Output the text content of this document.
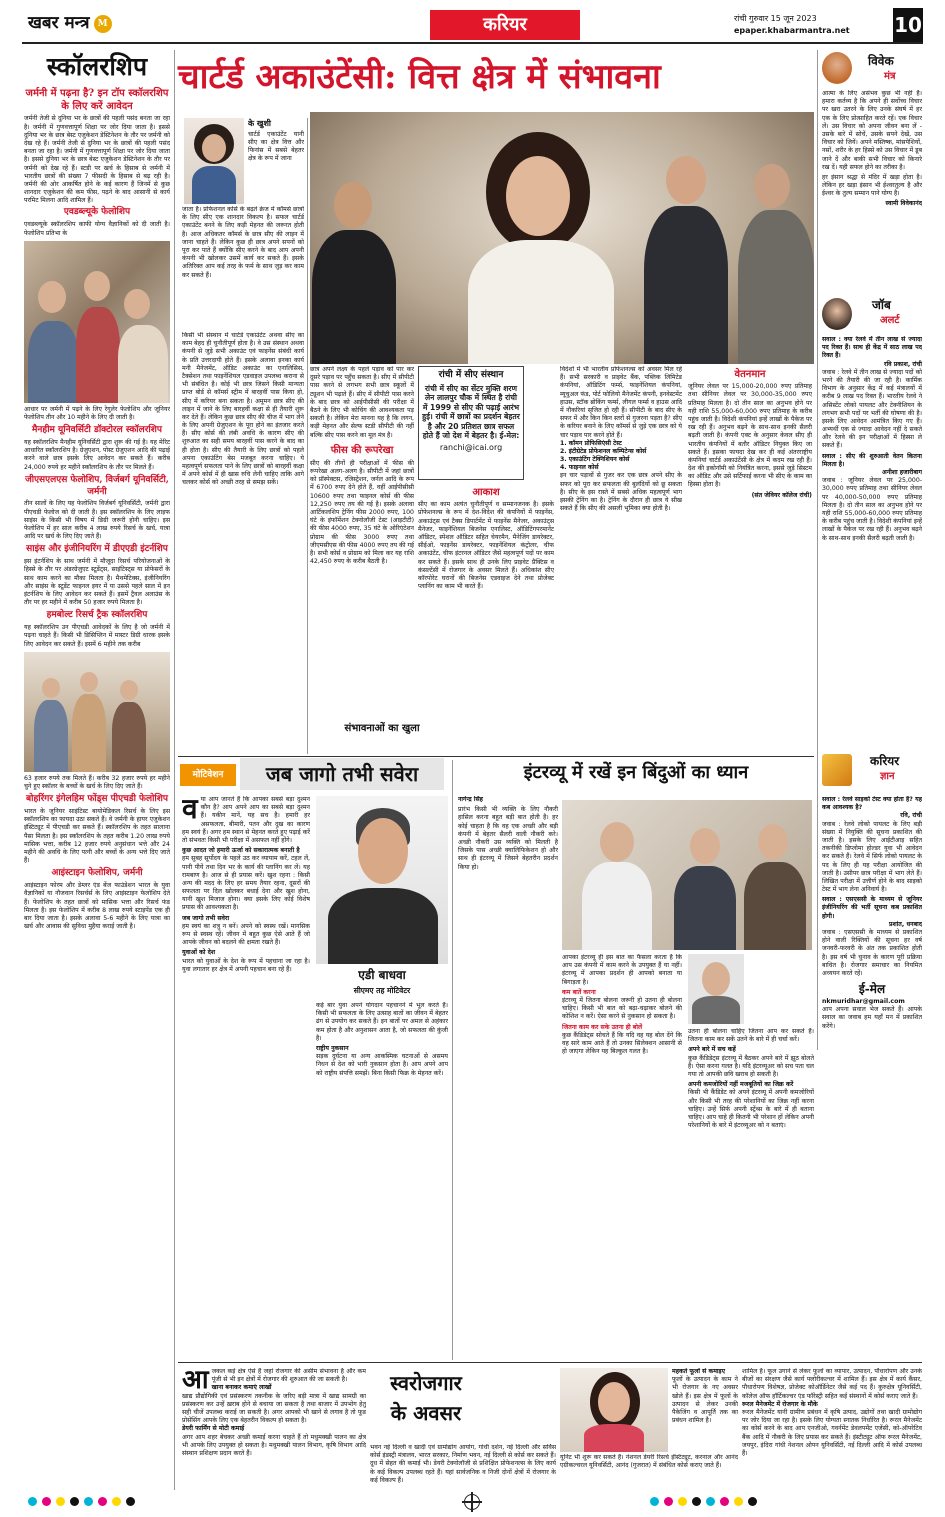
खबर मन्त्र M	करियर	रांची गुरुवार 15 जून 2023
epaper.khabarmantra.net 10
स्कॉलरशिप
जर्मनी में पढ़ना है? इन टॉप स्कॉलरशिप के लिए करें आवेदन
जर्मनी तेजी से दुनिया भर के छात्रों की पहली पसंद बनता जा रहा है। जर्मनी में गुणवत्तापूर्ण शिक्षा पर जोर दिया जाता है। इससे दुनिया भर के छात्र बेस्ट एजुकेशन डेस्टिनेशन के तौर पर जर्मनी को देख रहे हैं। जर्मनी तेजी से दुनिया भर के छात्रों की पहली पसंद बनता जा रहा है। जर्मनी में गुणवत्तापूर्ण शिक्षा पर जोर दिया जाता है। इससे दुनिया भर के छात्र बेस्ट एजुकेशन डेस्टिनेशन के तौर पर जर्मनी को देख रहे हैं। स्टडी पर खर्च के हिसाब से जर्मनी में भारतीय छात्रों की संख्या 7 फीसदी के हिसाब से बढ़ रही है। जर्मनी की ओर आकर्षित होने के कई कारण हैं जिनमें से कुछ शानदार एजुकेशन की कम फीस, पढ़ने के बाद आसानी से कार्य परमिट मिलना आदि शामिल हैं।
एवडब्ल्यूके फेलोशिप
एवडब्ल्यूके स्कॉलरशिप काफी योग्य वैज्ञानिकों को दी जाती है। फेलोशिप प्रतिभा के
आधार पर जर्मनी में पढ़ने के लिए रेगुलेर फेलोशिप और जूनियर फेलोशिप तीन और 10 महीने के लिए दी जाती है।
मैनहीम यूनिवर्सिटी डॉक्टोरल स्कॉलरशिप
यह स्कॉलरशिप मैनहीम यूनिवर्सिटी द्वारा शुरू की गई है। यह मेरिट आधारित स्कॉलरशिप है। ग्रेजुएशन, पोस्ट ग्रेजुएशन आदि की पढ़ाई करने वाले छात्र इसके लिए आवेदन कर सकते हैं। करीब 24,000 रुपये हर महीने स्कॉलरशिप के तौर पर मिलते हैं।
जीएसएलएस फेलोशिप, विर्जबर्ग यूनिवर्सिटी, जर्मनी
तीन सालों के लिए यह फेलोशिप विर्जबर्ग यूनिवर्सिटी, जर्मनी द्वारा पीएचडी फेलोज को दी जाती है। इस स्कॉलरशिप के लिए लाइफ साइंस के किसी भी विषय में डिग्री जरूरी होनी चाहिए। इस फेलोशिप में हर साल करीब 4 लाख रुपये रिसर्च के खर्च, यात्रा आदि पर खर्च के लिए दिए जाते हैं।
साइंस और इंजीनियरिंग में डीएएडी इंटर्नशिप
इस इंटर्नशिप के साथ जर्मनी में मौजूदा रिसर्च परियोजनाओं के हिस्से के तौर पर अंडरग्रेजुएट स्टूडेंट्स, साइंटिस्ट्स या प्रोफेसरों के साथ काम करने का मौका मिलता है। मैथमेटिक्स, इंजीनियरिंग और साइंस के स्टूडेंट फाइनल इयर में या उससे पहले साल में इन इंटर्नशिप के लिए आवेदन कर सकते हैं। इसमें ट्रैवल अलाउंस के तौर पर हर महीने में करीब 50 हजार रुपये मिलता है।
हमबोल्ट रिसर्च ट्रैक स्कॉलरशिप
यह स्कॉलरशिप उन पीएचडी आवेदकों के लिए है जो जर्मनी में पढ़ना चाहते हैं। किसी भी डिसिप्लिन में मास्टर डिग्री धारक इसके लिए आवेदन कर सकते हैं। इसमें 6 महीने तक करीब
63 हजार रुपये तक मिलते हैं। करीब 32 हजार रुपये हर महीने चुने हुए स्कॉलर के बच्चों के खर्च के लिए दिए जाते हैं।
बोहरिंगर इंगेलहिम फोंड्स पीएचडी फेलोशिप
भारत के जूनियर साइंटिस्ट बायोमेडिकल रिसर्च के लिए इस स्कॉलरशिप का फायदा उठा सकते हैं। वे जर्मनी के हायर एजुकेशन इंस्टिट्यूट में पीएचडी कर सकते हैं। स्कॉलरशिप के तहत सालाना पैसा मिलता है। इस स्कॉलरशिप के तहत करीब 1.20 लाख रुपये मासिक भत्ता, करीब 12 हजार रुपये अनुसंधान भत्ते और 24 महीने की अवधि के लिए पत्नी और बच्चों के अन्य भत्ते दिए जाते हैं।
आइंस्टाइन फेलोशिप, जर्मनी
आइंस्टाइन फोरम और डेम्लर एंड बेंज फाउंडेशन भारत के युवा वैज्ञानिकों या नौजवान रिसर्चर्स के लिए आइंस्टाइन फेलोशिप देते हैं। फेलोशिप के तहत छात्रों को मासिक भत्ता और रिसर्च फंड मिलता है। इस फेलोशिप में करीब 8 लाख रुपये स्टाइपेंड एक ही बार दिया जाता है। इसके अलावा 5-6 महीने के लिए यात्रा का खर्च और आवास की सुविधा मुहैया कराई जाती है।
चार्टर्ड अकाउंटेंसी: वित्त क्षेत्र में संभावना
के खुशी
चार्टर्ड एकाउंटेंट यानी सीए का क्षेत्र वित्त और फिनांस में सबसे बेहतर क्षेत्र के रूप में जाना
जाता है। प्रोफेशनल कोर्स के बढ़ते क्रेज में कॉमर्स छात्रों के लिए सीए एक शानदार विकल्प है। सफल चार्टर्ड एकाउंटेंट बनने के लिए कड़ी मेहनत की जरूरत होती है। आज अधिकतर कॉमर्स के छात्र सीए की लाइन में जाना चाहते हैं। लेकिन कुछ ही छात्र अपने सपनों को पूरा कर पाते हैं क्योंकि सीए करने के बाद आप अपनी कंपनी भी खोलकर उसमें कार्य कर सकते हैं। इसके अतिरिक्त आप कई तरह के फर्म के साथ जुड़ कर काम कर सकते हैं।
किसी भी संस्थान में चार्टर्ड एकाउंटेंट अथवा सीए का काम बेहद ही चुनौतीपूर्ण होता है। वे उस संस्थान अथवा कंपनी से जुड़े सभी अकाउंट एवं फाइनेंस संबंधी कार्य के प्रति उत्तरदायी होते हैं। इसके अलावा इनका कार्य मनी मैनेजमेंट, ऑडिट अकाउंट का एनालिसिस, टैक्सेशन तथा फाइनेंशियल एडवाइज उपलब्ध कराना से भी संबंधित है। कोई भी छात्र जिसने किसी मान्यता प्राप्त बोर्ड से कॉमर्स स्ट्रीम में बारहवीं पास किया हो, सीए में करियर बना सकता है। अमूमन छात्र सीए की लाइन में जाने के लिए बारहवीं कक्षा से ही तैयारी शुरू कर देते हैं। लेकिन कुछ छात्र सीए की चीज में भाग लेने के लिए अपनी ग्रेजुएशन के पूरा होने का इंतजार करते हैं। सीए कोर्स की लंबी अवधि के कारण सीए की शुरुआत का सही समय बारहवीं पास करने के बाद का ही होता है। सीए की तैयारी के लिए छात्रों को पहले अपना एकाउंटिंग बेस मजबूत करना चाहिए। ये महत्वपूर्ण सफलता पाने के लिए छात्रों को बारहवीं कक्षा में अपने कोर्स में ही खास रुचि लेनी चाहिए ताकि आगे चलकर कोर्स को अच्छी तरह से समझ सकें।
छात्र अपने लक्ष्य के पहले पड़ाव को पार कर दूसरे पड़ाव पर पहुँच सकता है। सीए में सीपीटी पास करने से लगभग सभी छात्र स्कूलों में ट्यूशन भी पढ़ाते हैं। सीए में सीपीटी पास करने के बाद छात्र को आईपीसीसी की परीक्षा में बैठने के लिए भी कोचिंग की आवश्यकता पड़ सकती है। लेकिन मेरा मानना यह है कि लगन, कड़ी मेहनत और सेल्फ स्टडी सीपीटी की नहीं बल्कि सीए पास करने का मूल मंत्र है।
फीस की रूपरेखा
सीए की तीनों ही परीक्षाओं में फीस की रूपरेखा अलग-अलग है। सीपीटी में जहां छात्रों को प्रॉस्पेक्टस, रजिस्ट्रेशन, जर्नल आदि के रूप में 6700 रुपए देने होते हैं, वहीं आईपीसीसी 10600 रुपए तथा फाइनल कोर्स की फीस 12,250 रुपए तय की गई है। इसके अलावा आर्टिकलशिप ट्रेनिंग फीस 2000 रुपए, 100 घंटे के इंफॉर्मेशन टेक्नोलॉजी टेस्ट (आइटीटी) की फीस 4000 रुपए, 35 घंटे के ओरिएंटेशन प्रोग्राम की फीस 3000 रुपए तथा जीएमसीएस की फीस 4000 रुपए तय की गई है। सभी कोर्स व प्रोग्राम को मिला कर यह राशि 42,450 रुपए के करीब बैठती है।
संभावनाओं का खुला
रांची में सीए संस्थान
रांची में सीए का सेंटर मुक्ति शरण लेन लालपुर चौक में स्थित है रांची में 1999 से सीए की पढ़ाई आरंभ हुई। रांची में छात्रों का प्रदर्शन बेहतर है और 20 प्रतिशत छात्र सफल होते हैं जो देश में बेहतर है। ई-मेल:
ranchi@icai.org
आकाश
सीए का काम अत्यंत चुनौतीपूर्ण व सम्मानजनक है। इसके प्रोफेशनल्स के रूप में देश-विदेश की कंपनियों में फाइनेंस, अकाउंट्स एवं टैक्स डिपार्टमेंट में फाइनेंस मैनेजर, अकाउंट्स मैनेजर, फाइनेंशियल बिजनेस एनालिस्ट, ऑडिटिंगपरमानेंट ऑडिटर, स्पेशल ऑडिटर सहित चेयरमैन, मैनेजिंग डायरेक्टर, सीईओ, फाइनेंस डायरेक्टर, फाइनेंशियल कंट्रोलर, चीफ अकाउंटेंट, चीफ इंटरनल ऑडिटर जैसे महत्वपूर्ण पदों पर काम कर सकते हैं। इसके साथ ही उनके लिए प्राइवेट प्रैक्टिस व कंसल्टेंसी में रोजगार के अवसर मिलते हैं। अधिकांश सीए कॉरपोरेट घरानों की बिजनेस एडवाइज देने तथा प्रोजेक्ट प्लानिंग का काम भी करते हैं।
विदेशों में भी भारतीय प्रोफेशनल्स को अवसर मिल रहे हैं। सभी सरकारी व प्राइवेट बैंक, पब्लिक लिमिटेड कंपनियां, ऑडिटिंग फर्म्स, फाइनेंशियल कंपनियां, म्यूचुअल फंड, पोर्ट फोलियो मैनेजमेंट कंपनी, इनवेस्टमेंट हाउस, स्टॉक ब्रोकिंग फर्म्स, लीगल फर्म्स व हाउस आदि में नौकरियां सृजित हो रही हैं। सीपीटी के बाद सीए के सफर में और किन किन स्तरों से गुजरना पड़ता है? सीए के करियर बनाने के लिए कॉमर्स से जुड़े एक छात्र को ये चार पड़ाव पार करने होते हैं।
1. कॉमन प्रोफिसिएंसी टेस्ट
2. इंटीग्रेटेड प्रोफेशनल कम्पिटेन्स कोर्स
3. एकाउंटिंग टेक्निशियन कोर्स
4. फाइनल कोर्स
इन चार पड़ावों से गुजर कर एक छात्र अपने सीए के सफर को पूरा कर सफलता की बुलंदियों को छू सकता है। सीए के इस रास्ते में सबसे अधिक महत्वपूर्ण भाग इसकी ट्रेनिंग का है। ट्रेनिंग के दौरान ही छात्र ये सीख सकते हैं कि सीए की असली भूमिका क्या होती है।
वेतनमान
जूनियर लेवल पर 15,000-20,000 रुपए प्रतिमाह तथा सीनियर लेवल पर 30,000-35,000 रुपए प्रतिमाह मिलता है। दो तीन साल का अनुभव होने पर यही राशि 55,000-60,000 रुपए प्रतिमाह के करीब पहुंच जाती है। विदेशी कंपनियां इन्हें लाखों के पैकेज पर रख रही हैं। अनुभव बढ़ने के साथ-साथ इनकी सैलरी बढ़ती जाती है। कंपनी एक्ट के अनुसार केवल सीए ही भारतीय कंपनियों में बतौर ऑडिटर नियुक्त किए जा सकते हैं। इसका फायदा देख कर ही कई अंतरराष्ट्रीय कंपनियां चार्टर्ड अकाउंटेंसी के क्षेत्र में कदम रख रही हैं। देश की इकोनॉमी को नियंत्रित करना, इससे जुड़े सिस्टम का ऑडिट और उसे सर्टिफाई करना भी सीए के काम का हिस्सा होता है।
(संत जेवियर कॉलेज रांची)
विवेक
मंत्र
आत्मा के लिए असंभव कुछ भी नहीं है। हमारा कर्तव्य है कि अपने ही सर्वोच्च विचार पर खरा उतरने के लिए उनके संघर्ष में हर एक के लिए प्रोत्साहित करते रहें। एक विचार लें। उस विचार को अपना जीवन बना लें - उसके बारे में सोचें, उसके सपने देखें, उस विचार को जियें। अपने मस्तिष्क, मांसपेशियों, नसों, शरीर के हर हिस्से को उस विचार में डूब जाने दें और बाकी सभी विचार को किनारे रख दें। यही सफल होने का तरीका है।
हर इंसान श्रद्धा से मंदिर में खड़ा होता है। लेकिन हर खड़ा इंसान भी ईश्वरतुल्य है और ईश्वर के तुल्य सम्मान पाने योग्य है।
स्वामी विवेकानंद
जॉब
अलर्ट
सवाल : क्या रेलवे में तीन लाख से ज्यादा पद रिक्त हैं। साथ ही केंद्र में साठ लाख पद रिक्त हैं।
रवि प्रकाश, रांची
जवाब : रेलवे में तीन लाख से ज्यादा पदों को भरने की तैयारी की जा रही है। कार्मिक विभाग के अनुसार केंद्र में कई मंत्रालयों में करीब 9 लाख पद रिक्त हैं। भारतीय रेलवे ने असिस्टेंट लोको पायलट और टेक्नीशियन के लगभग सभी पदों पर भर्ती की घोषणा की है। इसके लिए आवेदन आमंत्रित किए गए हैं। अभ्यर्थी एक से ज्यादा आवेदन नहीं दे सकते और रेलवे की इन परीक्षाओं में हिस्सा ले सकते हैं।
सवाल : सीए की शुरुआती वेतन कितना मिलता है।
अनीशा हजारीबाग
जवाब : जूनियर लेवल पर 25,000-30,000 रुपए प्रतिमाह तथा सीनियर लेवल पर 40,000-50,000 रुपए प्रतिमाह मिलता है। दो तीन साल का अनुभव होने पर यही राशि 55,000-60,000 रुपए प्रतिमाह के करीब पहुंच जाती है। विदेशी कंपनियां इन्हें लाखों के पैकेज पर रख रही हैं। अनुभव बढ़ने के साथ-साथ इनकी सैलरी बढ़ती जाती है।
करियर
ज्ञान
सवाल : रेलवे साइको टेस्ट क्या होता है? यह कब आवश्यक है?
रवि, रांची
जवाब : रेलवे लोको पायलट के लिए बड़ी संख्या में नियुक्ति की सूचना प्रकाशित की जाती है। इसके लिए आईटीआइ सहित तकनीकी डिप्लोमा होल्डर युवा भी आवेदन कर सकते हैं। रेलवे में सिर्फ लोको पायलट के पद के लिए ही यह परीक्षा आयोजित की जाती है। उसीपर छात्र परीक्षा में भाग लेते हैं। लिखित परीक्षा में उत्तीर्ण होने के बाद साइको टेस्ट में भाग लेना अनिवार्य है।
सवाल : एसएससी के माध्यम से जूनियर इंजीनियरिंग की भर्ती सूचना कब प्रकाशित होगी।
प्रशांत, धनबाद
जवाब : एसएससी के माध्यम से प्रकाशित होने वाली रिक्तियों की सूचना हर वर्ष जनवरी-फरवरी के अंत तक प्रकाशित होती है। इस वर्ष भी चुनाव के कारण पूरी प्रक्रिया बाधित है। रोजगार समाचार का नियमित अध्ययन करते रहें।
ई-मेल
nkmuridhar@gmail.com
आप अपना सवाल भेज सकते हैं। आपके सवाल का जवाब हम यहाँ मन में प्रकाशित करेंगे।
मोटिवेशन	जब जागो तभी सवेरा
वया आप जानते हैं कि आपका सबसे बड़ा दुश्मन कौन है? आप अपने आप का सबसे बड़ा दुश्मन हैं। यकीन मानें, यह सच है। हमारी हर असफलता, बीमारी, पतन और दुख का कारण हम स्वयं हैं। अगर हम स्थान से मेहनत करते हुए पढ़ाई करें तो संभवतः किसी भी परीक्षा में असफल नहीं होंगे।
कुछ आदत जो हमारी ऊर्जा को सकारात्मक बनाती है
हम सुबह सूर्योदय के पहले उठ कर व्यायाम करें, टहल लें, पानी पीयें तथा दिन भर के कार्य की प्लानिंग कर लें। यह रामबाण है। आज से ही प्रयास करें। खुश रहना : किसी अन्य की मदद के लिए हर समय तैयार रहना, दूसरों की सफलता पर दिल खोलकर बधाई देना और खुश होना, यानी खुश मिजाज होना। क्या इसके लिए कोई विशेष प्रयास की आवश्यकता है।
जब जागो तभी सवेरा
हम स्वयं का शत्रु न बनें। अपने को स्वस्थ रखें। मानसिक रूप से स्वस्थ रहें। जीवन में बहुत कुछ ऐसे आते हैं जो आपके जीवन को बदलने की क्षमता रखते हैं।
युवाओं को देश
भारत को युवाओं के देश के रूप में पहचाना जा रहा है। युवा लगातार हर क्षेत्र में अपनी पहचान बना रहे हैं।	एडी बाधवा
सीएमए तह मोटिवेटर
कई बार युवा अपने योगदान पहचानने में भूल करते हैं। किसी भी सफलता के लिए उत्साह बातों का जीवन में बेहतर ढंग से उपयोग कर सकते हैं। इन बातों पर अमल से अहंकार कम होता है और अनुशासन आता है, जो सफलता की कुंजी है।
राष्ट्रीय नुकसान
सड़क दुर्घटना या अन्य आकस्मिक घटनाओं से असमय निधन से देश को भारी नुकसान होता है। आप अपने आप को राष्ट्रीय संपत्ति समझें। बिना किसी फिक्र के मेहनत करें।
इंटरव्यू में रखें इन बिंदुओं का ध्यान
नागेन्द्र सिंह
प्रारंभ किसी भी व्यक्ति के लिए नौकरी हासिल करना बहुत बड़ी बात होती है। हर कोई चाहता है कि वह एक अच्छी और बड़ी कंपनी में बेहतर सैलरी वाली नौकरी करे। अच्छी नौकरी उस व्यक्ति को मिलती है जिसके पास अच्छी क्वालिफिकेशन हो और साथ ही इंटरव्यू में जिसने बेहतरीन प्रदर्शन किया हो।
आपका इंटरव्यू ही इस बात का फैसला करता है कि आप उस कंपनी में काम करने के उपयुक्त हैं या नहीं। इंटरव्यू में आपका प्रदर्शन ही आपको बनाता या बिगाड़ता है।
कम बातें करना
इंटरव्यू में जितना बोलना जरूरी हो उतना ही बोलना चाहिए। किसी भी बात को बढ़ा-चढ़ाकर बोलने की कोशिश न करें। ऐसा करने से नुकसान हो सकता है।
जितना काम कर सके उतना ही बोलें
कुछ कैंडिडेट्स सोचते हैं कि यदि वह यह बोल देंगे कि वह सारे काम आते हैं तो उनका सिलेक्शन आसानी से हो जाएगा लेकिन यह बिल्कुल गलत है।
उतना ही बोलना चाहिए जितना आप कर सकते हैं। जितना काम कर सकें उतने के बारे में ही चर्चा करें।
अपने बारे में सच कहें
कुछ कैंडिडेट्स इंटरव्यू में बैठकर अपने बारे में झूठ बोलते हैं। ऐसा करना गलत है। यदि इंटरव्यूअर को सच पता चल गया तो आपकी छवि खराब हो सकती है।
अपनी कमजोरियों नहीं मजबूतियों का जिक्र करें
किसी भी कैंडिडेट को अपने इंटरव्यू में अपनी कमजोरियों और किसी भी तरह की परेशानियों का जिक्र नहीं करना चाहिए। उन्हें सिर्फ अपनी स्ट्रेंथ्स के बारे में ही बताना चाहिए। आप चाहे ही कितनी भी परेशान हों लेकिन अपनी परेशानियों के बारे में इंटरव्यूअर को न बताएं।
आजकल कई क्षेत्र ऐसे हैं जहां रोजगार की असीम संभावना है और कम पूंजी से भी इन क्षेत्रों में रोजगार की शुरुआत की जा सकती है।
खाना बनाकर कमाएं लाखों
खाद्य प्रौद्योगिकी एवं प्रसंस्करण तकनीक के जरिए बड़ी मात्रा में खाद्य सामग्री का प्रसंस्करण कर उन्हें ख़राब होने से बचाया जा सकता है तथा बाजार में उपभोग हेतु सही चीजें उपलब्ध कराई जा सकती है। अगर आपको भी खाने से लगाव है तो फूड प्रोसेसिंग आपके लिए एक बेहतरीन विकल्प हो सकता है।
डेयरी फार्मिंग से मोटी कमाई
अगर आप शहर बेचकर अच्छी कमाई करना चाहते हैं तो मधुमक्खी पालन का क्षेत्र भी आपके लिए उपयुक्त हो सकता है। मधुमक्खी पालन विभाग, कृषि विभाग आदि संस्थान प्रशिक्षण प्रदान करते हैं।
स्वरोजगार
के अवसर
भवन नई दिल्ली व खादी एवं ग्रामोद्योग आयोग, गांधी दर्शन, नई दिल्ली और सर्विस कोर्स इंडस्ट्री मंत्रालय, भारत सरकार, निर्माण भवन, नई दिल्ली से कोर्स कर सकते हैं। दूध में सेहत की कमाई भी। डेयरी टेक्नोलॉजी से प्रशिक्षित प्रोफेशनल्स के लिए कार्य के कई विकल्प उपलब्ध रहते हैं। यहां सार्वजनिक व निजी दोनों क्षेत्रों में रोजगार के कई विकल्प हैं।
यूनिट भी शुरू कर सकते हैं। नेशनल डेयरी रिसर्च इंस्टिट्यूट, करनाल और आनंद एग्रीकल्चरल यूनिवर्सिटी, आनंद (गुजरात) में संबंधित कोर्स कराए जाते हैं।
महकते फूलों से कमाइए
फूलों के उत्पादन के काम ने भी रोजगार के नए अवसर खोले हैं। इस क्षेत्र में फूलों के उत्पादन से लेकर उनकी पैकेजिंग व आपूर्ति तक का प्रबंधन शामिल है।
शामिल है। फूल उगाने से लेकर फूलों का व्यापार, उत्पादन, पौधारोपण और उनके बीजों का संरक्षण जैसे कार्य फ्लोरीकल्चर में शामिल हैं। इस क्षेत्र में कार्य कैंसर, पौधारोपण विशेषज्ञ, प्रोजेक्ट कोऑर्डिनेटर जैसे कई पद हैं। कुरुक्षेत्र यूनिवर्सिटी, कॉलेज ऑफ हॉर्टिकल्चर एंड फॉरेस्ट्री सहित कई संस्थानों में कोर्स कराए जाते हैं।
रूरल मैनेजमेंट में रोजगार के मौके
रूरल मैनेजमेंट यानी ग्रामीण प्रबंधन में कृषि उत्पाद, उद्योगों तथा खादी ग्रामोद्योग पर जोर दिया जा रहा है। इसके लिए योग्यता स्नातक निर्धारित है। रूरल मैनेजमेंट का कोर्स करने के बाद आप एनजीओ, गवर्नमेंट डेवलपमेंट एजेंसी, को-ऑपरेटिव बैंक आदि में नौकरी के लिए प्रयास कर सकते हैं। इंस्टीट्यूट ऑफ रूरल मैनेजमेंट, जयपुर, इंदिरा गांधी नेशनल ओपन यूनिवर्सिटी, नई दिल्ली आदि में कोर्स उपलब्ध हैं।
